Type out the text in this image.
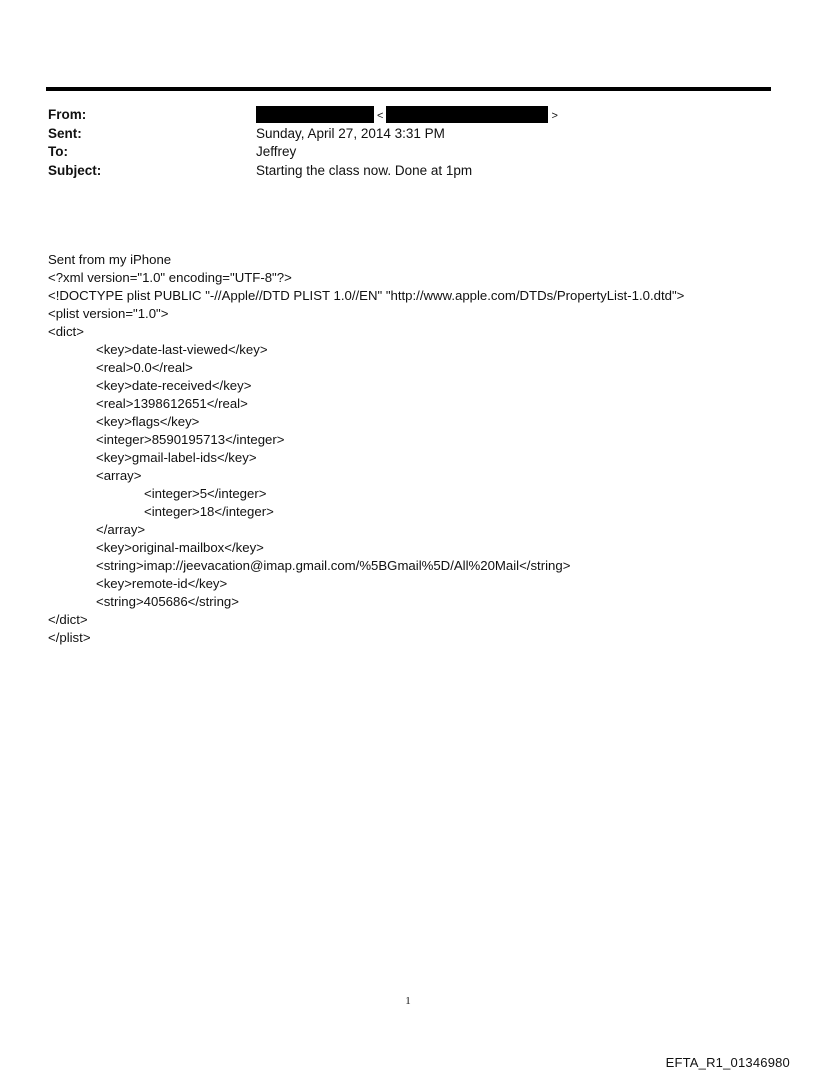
From:	<	>
Sent:	Sunday, April 27, 2014 3:31 PM
To:	Jeffrey
Subject:	Starting the class now. Done at 1pm
Sent from my iPhone
<?xml version="1.0" encoding="UTF-8"?>
<!DOCTYPE plist PUBLIC "-//Apple//DTD PLIST 1.0//EN" "http://www.apple.com/DTDs/PropertyList-1.0.dtd">
<plist version="1.0">
<dict>
<key>date-last-viewed</key>
<real>0.0</real>
<key>date-received</key>
<real>1398612651</real>
<key>flags</key>
<integer>8590195713</integer>
<key>gmail-label-ids</key>
<array>
<integer>5</integer>
<integer>18</integer>
</array>
<key>original-mailbox</key>
<string>imap://jeevacation@imap.gmail.com/%5BGmail%5D/All%20Mail</string>
<key>remote-id</key>
<string>405686</string>
</dict>
</plist>
1
EFTA_R1_01346980
